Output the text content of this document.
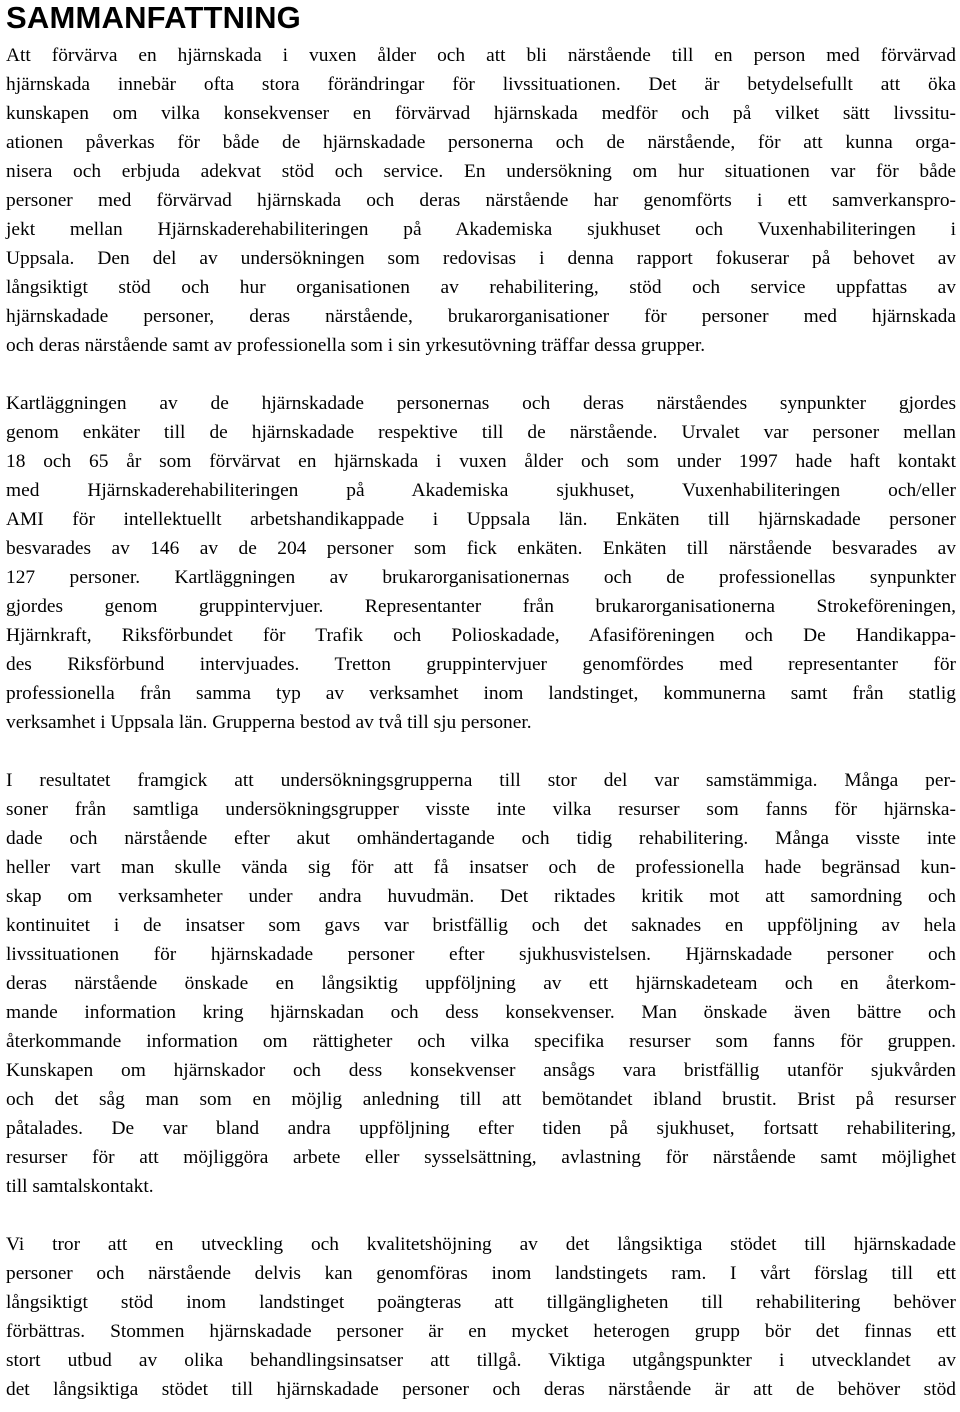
SAMMANFATTNING

Att förvärva en hjärnskada i vuxen ålder och att bli närstående till en person med förvärvad
hjärnskada innebär ofta stora förändringar för livssituationen. Det är betydelsefullt att öka
kunskapen om vilka konsekvenser en förvärvad hjärnskada medför och på vilket sätt livssitu-
ationen påverkas för både de hjärnskadade personerna och de närstående, för att kunna orga-
nisera och erbjuda adekvat stöd och service. En undersökning om hur situationen var för både
personer med förvärvad hjärnskada och deras närstående har genomförts i ett samverkanspro-
jekt mellan Hjärnskaderehabiliteringen på Akademiska sjukhuset och Vuxenhabiliteringen i
Uppsala. Den del av undersökningen som redovisas i denna rapport fokuserar på behovet av
långsiktigt stöd och hur organisationen av rehabilitering, stöd och service uppfattas av
hjärnskadade personer, deras närstående, brukarorganisationer för personer med hjärnskada
och deras närstående samt av professionella som i sin yrkesutövning träffar dessa grupper.

Kartläggningen av de hjärnskadade personernas och deras närståendes synpunkter gjordes
genom enkäter till de hjärnskadade respektive till de närstående. Urvalet var personer mellan
18 och 65 år som förvärvat en hjärnskada i vuxen ålder och som under 1997 hade haft kontakt
med Hjärnskaderehabiliteringen på Akademiska sjukhuset, Vuxenhabiliteringen och/eller
AMI för intellektuellt arbetshandikappade i Uppsala län. Enkäten till hjärnskadade personer
besvarades av 146 av de 204 personer som fick enkäten. Enkäten till närstående besvarades av
127 personer. Kartläggningen av brukarorganisationernas och de professionellas synpunkter
gjordes genom gruppintervjuer. Representanter från brukarorganisationerna Strokeföreningen,
Hjärnkraft, Riksförbundet för Trafik och Polioskadade, Afasiföreningen och De Handikappa-
des Riksförbund intervjuades. Tretton gruppintervjuer genomfördes med representanter för
professionella från samma typ av verksamhet inom landstinget, kommunerna samt från statlig
verksamhet i Uppsala län. Grupperna bestod av två till sju personer.

I resultatet framgick att undersökningsgrupperna till stor del var samstämmiga. Många per-
soner från samtliga undersökningsgrupper visste inte vilka resurser som fanns för hjärnska-
dade och närstående efter akut omhändertagande och tidig rehabilitering. Många visste inte
heller vart man skulle vända sig för att få insatser och de professionella hade begränsad kun-
skap om verksamheter under andra huvudmän. Det riktades kritik mot att samordning och
kontinuitet i de insatser som gavs var bristfällig och det saknades en uppföljning av hela
livssituationen för hjärnskadade personer efter sjukhusvistelsen. Hjärnskadade personer och
deras närstående önskade en långsiktig uppföljning av ett hjärnskadeteam och en återkom-
mande information kring hjärnskadan och dess konsekvenser. Man önskade även bättre och
återkommande information om rättigheter och vilka specifika resurser som fanns för gruppen.
Kunskapen om hjärnskador och dess konsekvenser ansågs vara bristfällig utanför sjukvården
och det såg man som en möjlig anledning till att bemötandet ibland brustit. Brist på resurser
påtalades. De var bland andra uppföljning efter tiden på sjukhuset, fortsatt rehabilitering,
resurser för att möjliggöra arbete eller sysselsättning, avlastning för närstående samt möjlighet
till samtalskontakt.

Vi tror att en utveckling och kvalitetshöjning av det långsiktiga stödet till hjärnskadade
personer och närstående delvis kan genomföras inom landstingets ram. I vårt förslag till ett
långsiktigt stöd inom landstinget poängteras att tillgängligheten till rehabilitering behöver
förbättras. Stommen hjärnskadade personer är en mycket heterogen grupp bör det finnas ett
stort utbud av olika behandlingsinsatser att tillgå. Viktiga utgångspunkter i utvecklandet av
det långsiktiga stödet till hjärnskadade personer och deras närstående är att de behöver stöd
